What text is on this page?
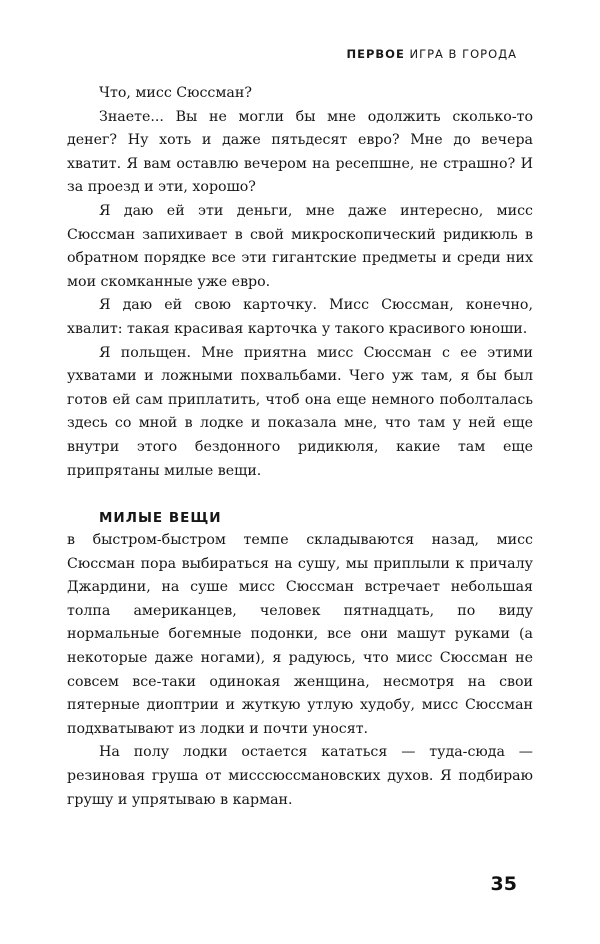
ПЕРВОЕ ИГРА В ГОРОДА

Что, мисс Сюссман?

Знаете... Вы не могли бы мне одолжить сколько-то денег? Ну хоть и даже пятьдесят евро? Мне до вечера хватит. Я вам оставлю вечером на ресепшне, не страшно? И за проезд и эти, хорошо?

Я даю ей эти деньги, мне даже интересно, мисс Сюссман запихивает в свой микроскопический ридикюль в обратном порядке все эти гигантские предметы и среди них мои скомканные уже евро.

Я даю ей свою карточку. Мисс Сюссман, конечно, хвалит: такая красивая карточка у такого красивого юноши.

Я польщен. Мне приятна мисс Сюссман с ее этими ухватами и ложными похвальбами. Чего уж там, я бы был готов ей сам приплатить, чтоб она еще немного поболталась здесь со мной в лодке и показала мне, что там у ней еще внутри этого бездонного ридикюля, какие там еще припрятаны милые вещи.

МИЛЫЕ ВЕЩИ

в быстром-быстром темпе складываются назад, мисс Сюссман пора выбираться на сушу, мы приплыли к причалу Джардини, на суше мисс Сюссман встречает небольшая толпа американцев, человек пятнадцать, по виду нормальные богемные подонки, все они машут руками (а некоторые даже ногами), я радуюсь, что мисс Сюссман не совсем все-таки одинокая женщина, несмотря на свои пятерные диоптрии и жуткую утлую худобу, мисс Сюссман подхватывают из лодки и почти уносят.

На полу лодки остается кататься — туда-сюда — резиновая груша от мисссюссмановских духов. Я подбираю грушу и упрятываю в карман.

35
